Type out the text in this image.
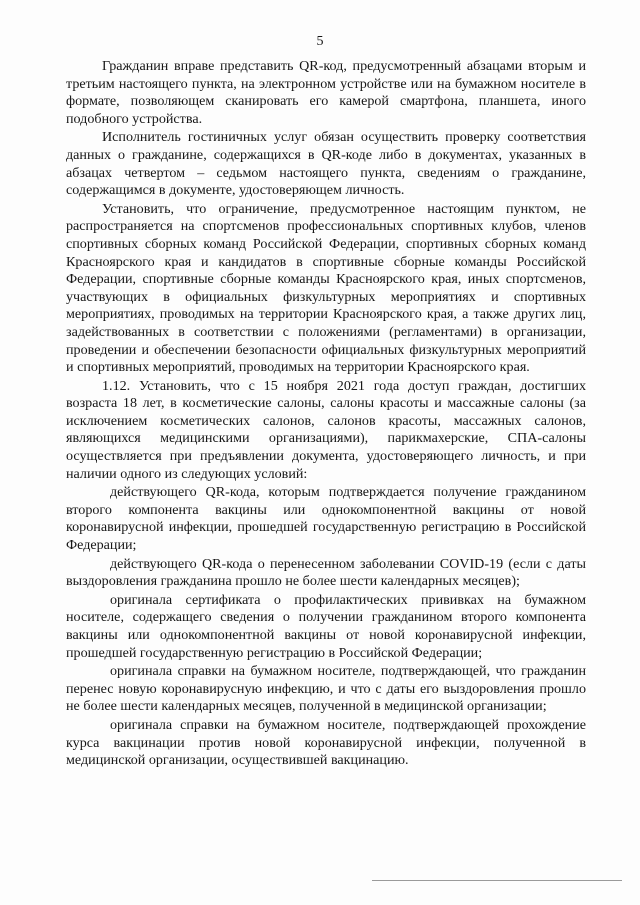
5

Гражданин вправе представить QR-код, предусмотренный абзацами вторым и третьим настоящего пункта, на электронном устройстве или на бумажном носителе в формате, позволяющем сканировать его камерой смартфона, планшета, иного подобного устройства.

Исполнитель гостиничных услуг обязан осуществить проверку соответствия данных о гражданине, содержащихся в QR-коде либо в документах, указанных в абзацах четвертом – седьмом настоящего пункта, сведениям о гражданине, содержащимся в документе, удостоверяющем личность.

Установить, что ограничение, предусмотренное настоящим пунктом, не распространяется на спортсменов профессиональных спортивных клубов, членов спортивных сборных команд Российской Федерации, спортивных сборных команд Красноярского края и кандидатов в спортивные сборные команды Российской Федерации, спортивные сборные команды Красноярского края, иных спортсменов, участвующих в официальных физкультурных мероприятиях и спортивных мероприятиях, проводимых на территории Красноярского края, а также других лиц, задействованных в соответствии с положениями (регламентами) в организации, проведении и обеспечении безопасности официальных физкультурных мероприятий и спортивных мероприятий, проводимых на территории Красноярского края.

1.12. Установить, что с 15 ноября 2021 года доступ граждан, достигших возраста 18 лет, в косметические салоны, салоны красоты и массажные салоны (за исключением косметических салонов, салонов красоты, массажных салонов, являющихся медицинскими организациями), парикмахерские, СПА-салоны осуществляется при предъявлении документа, удостоверяющего личность, и при наличии одного из следующих условий:

действующего QR-кода, которым подтверждается получение гражданином второго компонента вакцины или однокомпонентной вакцины от новой коронавирусной инфекции, прошедшей государственную регистрацию в Российской Федерации;

действующего QR-кода о перенесенном заболевании COVID-19 (если с даты выздоровления гражданина прошло не более шести календарных месяцев);

оригинала сертификата о профилактических прививках на бумажном носителе, содержащего сведения о получении гражданином второго компонента вакцины или однокомпонентной вакцины от новой коронавирусной инфекции, прошедшей государственную регистрацию в Российской Федерации;

оригинала справки на бумажном носителе, подтверждающей, что гражданин перенес новую коронавирусную инфекцию, и что с даты его выздоровления прошло не более шести календарных месяцев, полученной в медицинской организации;

оригинала справки на бумажном носителе, подтверждающей прохождение курса вакцинации против новой коронавирусной инфекции, полученной в медицинской организации, осуществившей вакцинацию.
